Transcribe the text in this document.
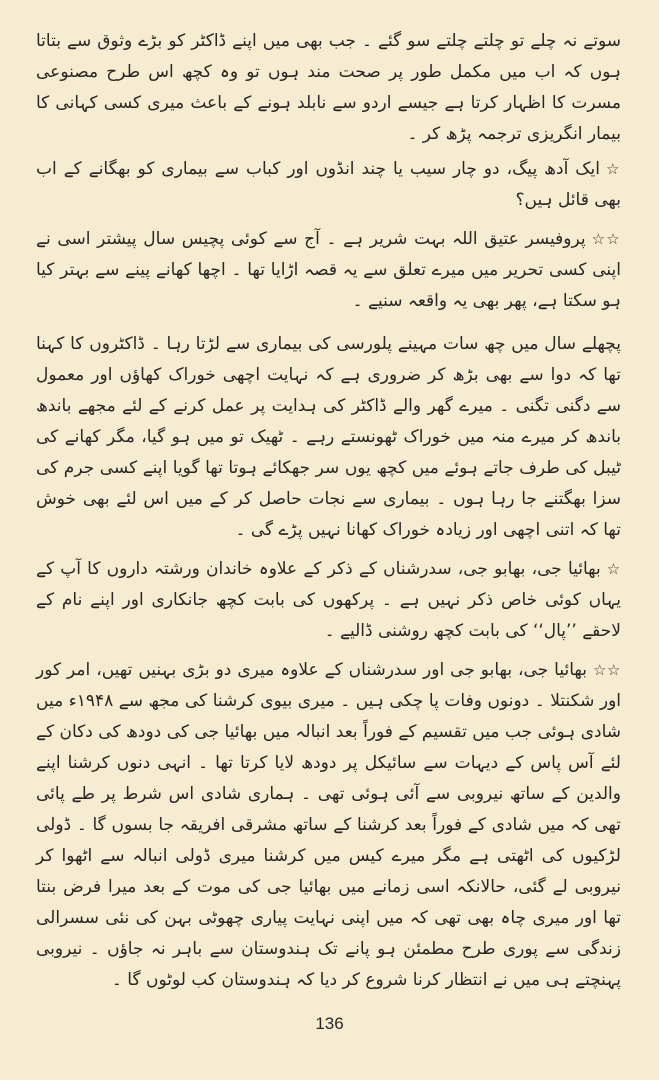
سوتے نہ چلے تو چلتے چلتے سو گئے ۔ جب بھی میں اپنے ڈاکٹر کو بڑے وثوق سے بتاتا ہوں کہ اب میں مکمل طور پر صحت مند ہوں تو وہ کچھ اس طرح مصنوعی مسرت کا اظہار کرتا ہے جیسے اردو سے نابلد ہونے کے باعث میری کسی کہانی کا بیمار انگریزی ترجمہ پڑھ کر ۔

☆ایک آدھ پیگ، دو چار سیب یا چند انڈوں اور کباب سے بیماری کو بھگانے کے اب بھی قائل ہیں؟

☆☆پروفیسر عتیق اللہ بہت شریر ہے ۔ آج سے کوئی پچیس سال پیشتر اسی نے اپنی کسی تحریر میں میرے تعلق سے یہ قصہ اڑایا تھا ۔ اچھا کھانے پینے سے بہتر کیا ہو سکتا ہے، پھر بھی یہ واقعہ سنیے ۔

پچھلے سال میں چھ سات مہینے پلورسی کی بیماری سے لڑتا رہا ۔ ڈاکٹروں کا کہنا تھا کہ دوا سے بھی بڑھ کر ضروری ہے کہ نہایت اچھی خوراک کھاؤں اور معمول سے دگنی تگنی ۔ میرے گھر والے ڈاکٹر کی ہدایت پر عمل کرنے کے لئے مجھے باندھ باندھ کر میرے منہ میں خوراک ٹھونستے رہے ۔ ٹھیک تو میں ہو گیا، مگر کھانے کی ٹیبل کی طرف جاتے ہوئے میں کچھ یوں سر جھکائے ہوتا تھا گویا اپنے کسی جرم کی سزا بھگتنے جا رہا ہوں ۔ بیماری سے نجات حاصل کر کے میں اس لئے بھی خوش تھا کہ اتنی اچھی اور زیادہ خوراک کھانا نہیں پڑے گی ۔

☆بھائیا جی، بھابو جی، سدرشناں کے ذکر کے علاوہ خاندان ورشتہ داروں کا آپ کے یہاں کوئی خاص ذکر نہیں ہے ۔ پرکھوں کی بابت کچھ جانکاری اور اپنے نام کے لاحقے ’’پال‘‘ کی بابت کچھ روشنی ڈالیے ۔

☆☆بھائیا جی، بھابو جی اور سدرشناں کے علاوہ میری دو بڑی بہنیں تھیں، امر کور اور شکنتلا ۔ دونوں وفات پا چکی ہیں ۔ میری بیوی کرشنا کی مجھ سے ۱۹۴۸ء میں شادی ہوئی جب میں تقسیم کے فوراً بعد انبالہ میں بھائیا جی کی دودھ کی دکان کے لئے آس پاس کے دیہات سے سائیکل پر دودھ لایا کرتا تھا ۔ انہی دنوں کرشنا اپنے والدین کے ساتھ نیروبی سے آئی ہوئی تھی ۔ ہماری شادی اس شرط پر طے پائی تھی کہ میں شادی کے فوراً بعد کرشنا کے ساتھ مشرقی افریقہ جا بسوں گا ۔ ڈولی لڑکیوں کی اٹھتی ہے مگر میرے کیس میں کرشنا میری ڈولی انبالہ سے اٹھوا کر نیروبی لے گئی، حالانکہ اسی زمانے میں بھائیا جی کی موت کے بعد میرا فرض بنتا تھا اور میری چاہ بھی تھی کہ میں اپنی نہایت پیاری چھوٹی بہن کی نئی سسرالی زندگی سے پوری طرح مطمئن ہو پانے تک ہندوستان سے باہر نہ جاؤں ۔ نیروبی پہنچتے ہی میں نے انتظار کرنا شروع کر دیا کہ ہندوستان کب لوٹوں گا ۔

136
